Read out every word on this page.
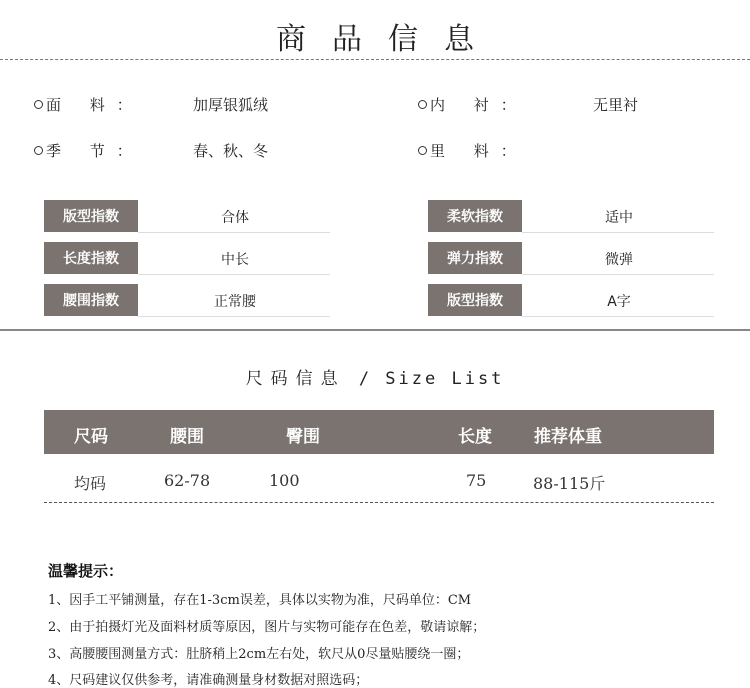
商品信息
面 料：	加厚银狐绒	内 衬：	无里衬
季 节：	春、秋、冬	里 料：
版型指数	合体
长度指数	中长
腰围指数	正常腰
柔软指数	适中
弹力指数	微弹
版型指数	A字
尺码信息 / Size List
尺码	腰围	臀围	长度 推荐体重
均码	62-78	100	75	88-115斤
温馨提示：
1、因手工平铺测量，存在1-3cm误差，具体以实物为准，尺码单位：CM
2、由于拍摄灯光及面料材质等原因，图片与实物可能存在色差，敬请谅解；
3、高腰腰围测量方式：肚脐稍上2cm左右处，软尺从0尽量贴腰绕一圈；
4、尺码建议仅供参考，请准确测量身材数据对照选码；
